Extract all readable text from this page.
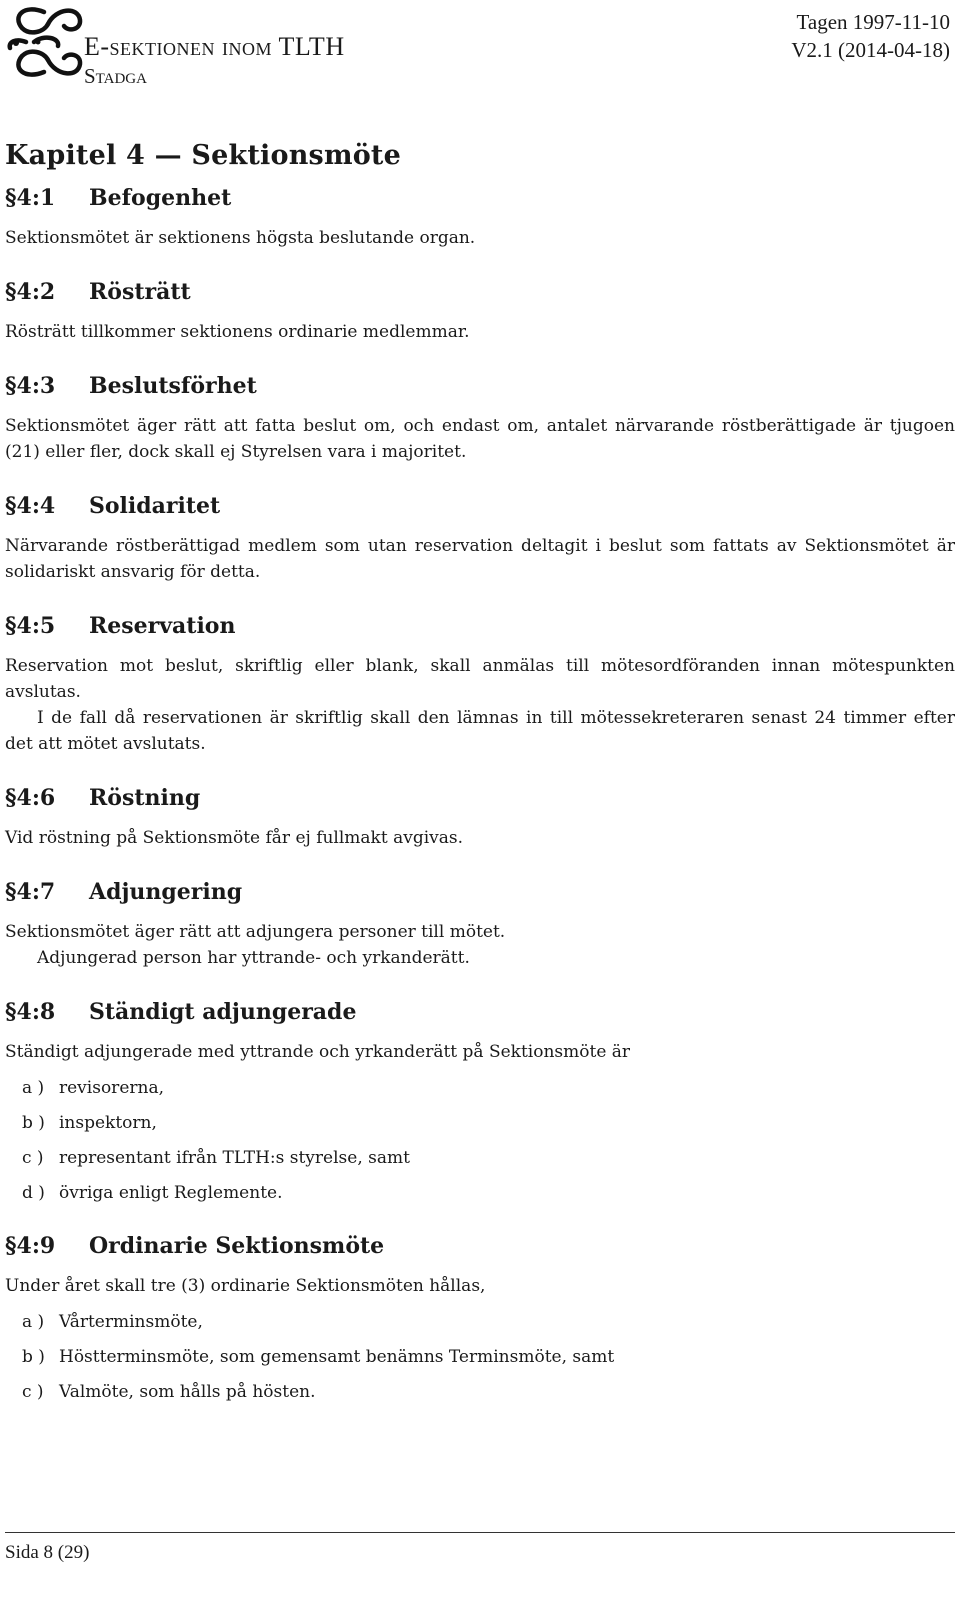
E-sektionen inom TLTH
Stadga
Tagen 1997-11-10
V2.1 (2014-04-18)
Kapitel 4 — Sektionsmöte
§4:1	Befogenhet

Sektionsmötet är sektionens högsta beslutande organ.

§4:2	Rösträtt

Rösträtt tillkommer sektionens ordinarie medlemmar.

§4:3	Beslutsförhet

Sektionsmötet äger rätt att fatta beslut om, och endast om, antalet närvarande röstberättigade är tjugoen (21) eller fler, dock skall ej Styrelsen vara i majoritet.

§4:4	Solidaritet

Närvarande röstberättigad medlem som utan reservation deltagit i beslut som fattats av Sektionsmötet är solidariskt ansvarig för detta.

§4:5	Reservation

Reservation mot beslut, skriftlig eller blank, skall anmälas till mötesordföranden innan mötespunkten avslutas.

I de fall då reservationen är skriftlig skall den lämnas in till mötessekreteraren senast 24 timmer efter det att mötet avslutats.

§4:6	Röstning

Vid röstning på Sektionsmöte får ej fullmakt avgivas.

§4:7	Adjungering

Sektionsmötet äger rätt att adjungera personer till mötet.

Adjungerad person har yttrande- och yrkanderätt.

§4:8	Ständigt adjungerade

Ständigt adjungerade med yttrande och yrkanderätt på Sektionsmöte är

a ) revisorerna,
b ) inspektorn,
c ) representant ifrån TLTH:s styrelse, samt
d ) övriga enligt Reglemente.
§4:9	Ordinarie Sektionsmöte

Under året skall tre (3) ordinarie Sektionsmöten hållas,

a ) Vårterminsmöte,
b ) Höstterminsmöte, som gemensamt benämns Terminsmöte, samt
c ) Valmöte, som hålls på hösten.
Sida 8 (29)
